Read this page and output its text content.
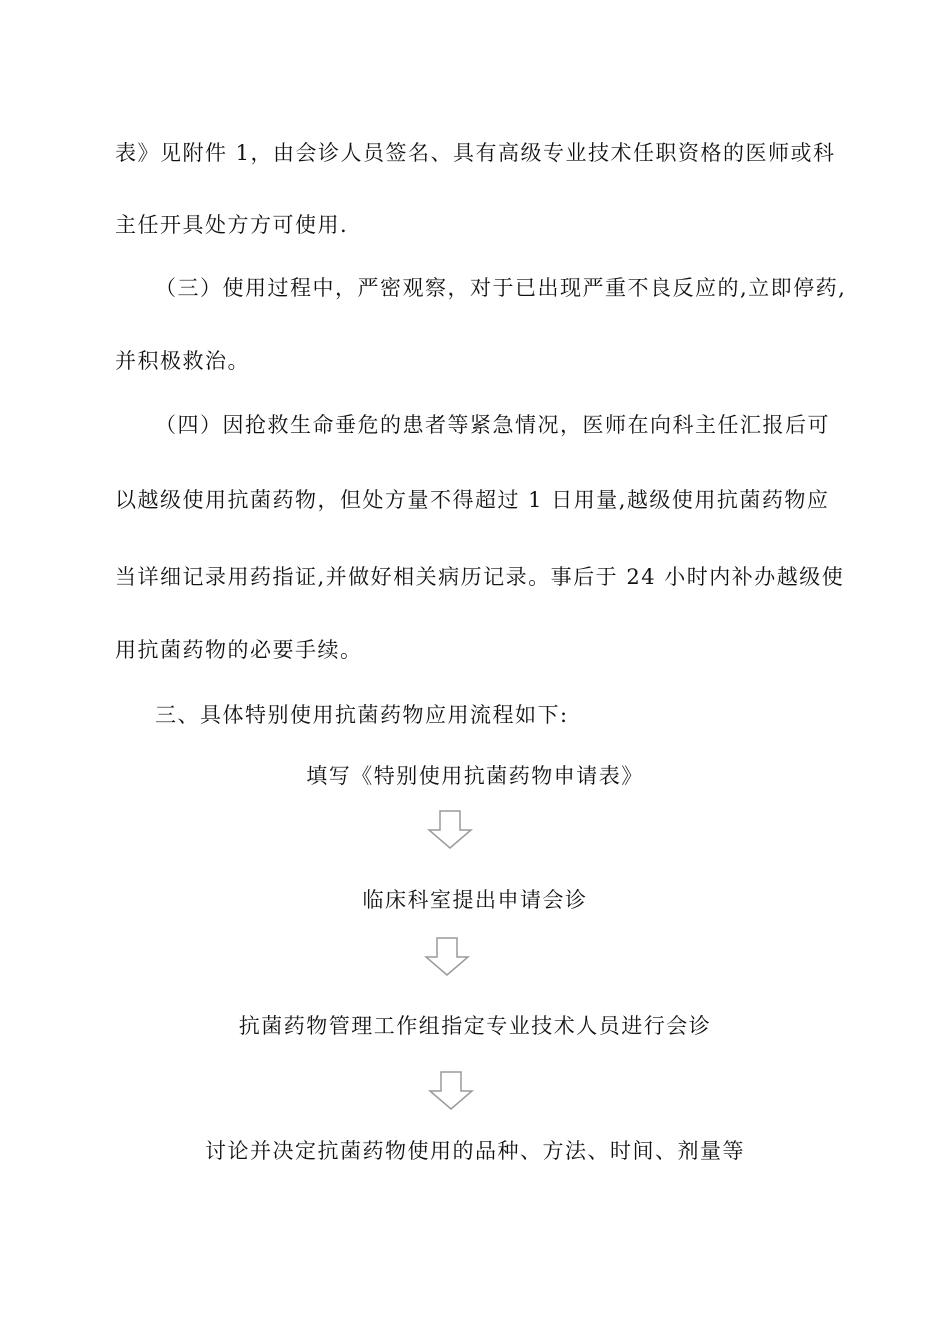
表》见附件 1，由会诊人员签名、具有高级专业技术任职资格的医师或科
主任开具处方方可使用.
（三）使用过程中，严密观察，对于已出现严重不良反应的,立即停药,
并积极救治。
（四）因抢救生命垂危的患者等紧急情况，医师在向科主任汇报后可
以越级使用抗菌药物，但处方量不得超过 1 日用量,越级使用抗菌药物应
当详细记录用药指证,并做好相关病历记录。事后于 24 小时内补办越级使
用抗菌药物的必要手续。
三、具体特别使用抗菌药物应用流程如下:
填写《特别使用抗菌药物申请表》
临床科室提出申请会诊
抗菌药物管理工作组指定专业技术人员进行会诊
讨论并决定抗菌药物使用的品种、方法、时间、剂量等
